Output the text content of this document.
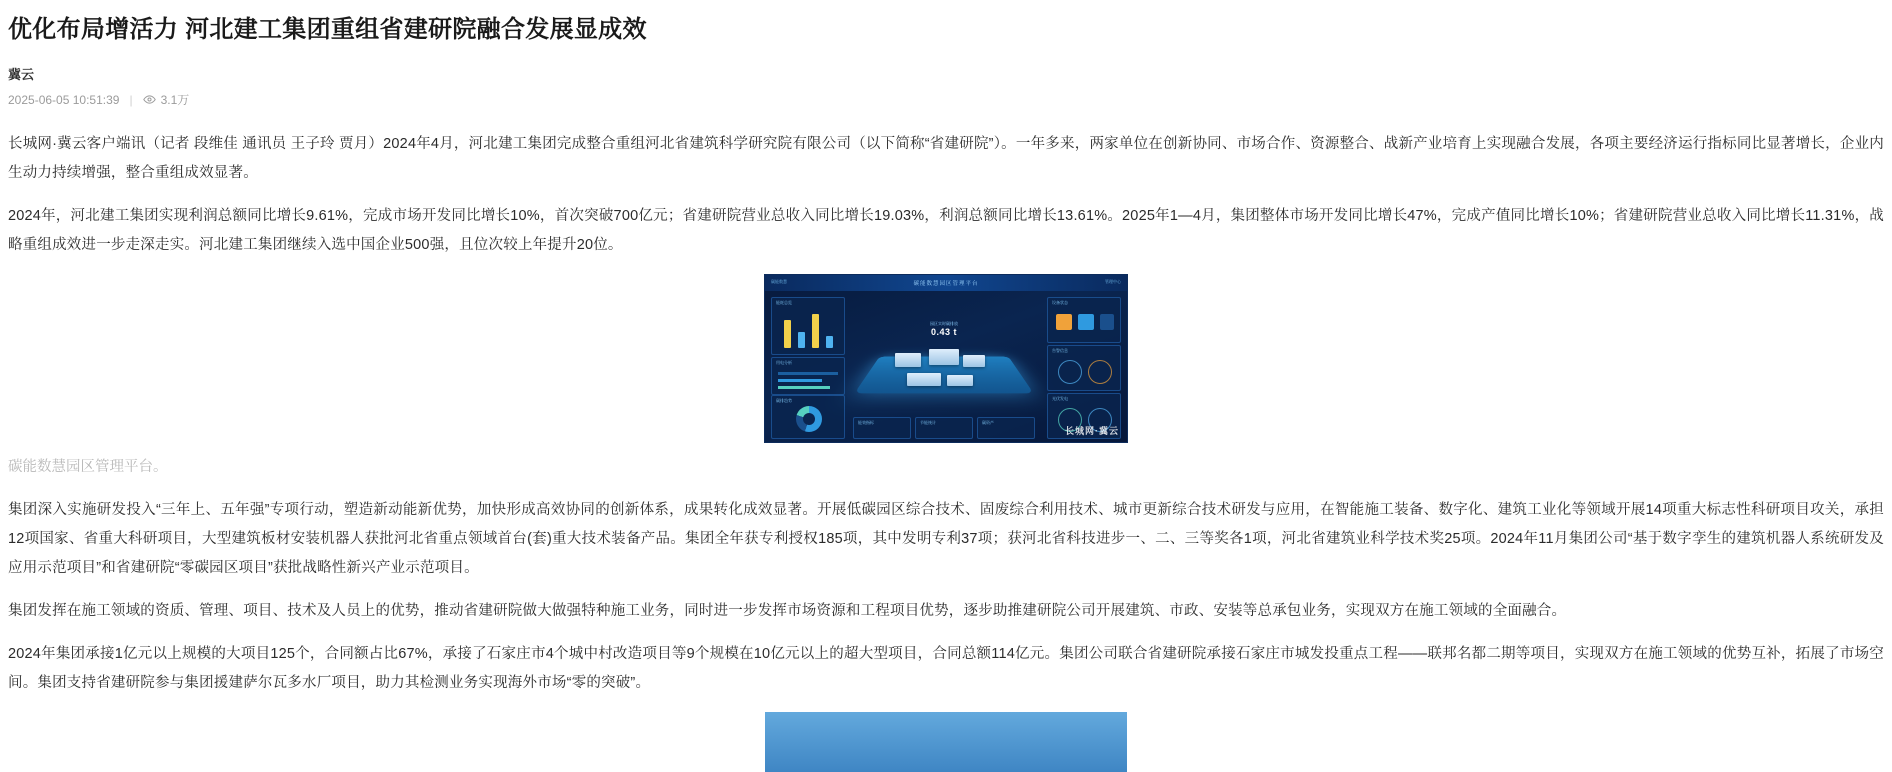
优化布局增活力 河北建工集团重组省建研院融合发展显成效
冀云
2025-06-05 10:51:39 | 3.1万

长城网·冀云客户端讯（记者 段维佳 通讯员 王子玲 贾月）2024年4月，河北建工集团完成整合重组河北省建筑科学研究院有限公司（以下简称“省建研院”）。一年多来，两家单位在创新协同、市场合作、资源整合、战新产业培育上实现融合发展，各项主要经济运行指标同比显著增长，企业内生动力持续增强，整合重组成效显著。

2024年，河北建工集团实现利润总额同比增长9.61%，完成市场开发同比增长10%，首次突破700亿元；省建研院营业总收入同比增长19.03%，利润总额同比增长13.61%。2025年1—4月，集团整体市场开发同比增长47%，完成产值同比增长10%；省建研院营业总收入同比增长11.31%，战略重组成效进一步走深走实。河北建工集团继续入选中国企业500强，且位次较上年提升20位。

碳能数慧园区管理平台
碳能数慧	管理中心
能耗总览
用电分析
碳排趋势
园区实时碳排放
0.43 t
设备状态
告警信息
光伏发电
能效指标	节能统计	碳资产
长城网·冀云

碳能数慧园区管理平台。

集团深入实施研发投入“三年上、五年强”专项行动，塑造新动能新优势，加快形成高效协同的创新体系，成果转化成效显著。开展低碳园区综合技术、固废综合利用技术、城市更新综合技术研发与应用，在智能施工装备、数字化、建筑工业化等领域开展14项重大标志性科研项目攻关，承担12项国家、省重大科研项目，大型建筑板材安装机器人获批河北省重点领域首台(套)重大技术装备产品。集团全年获专利授权185项，其中发明专利37项；获河北省科技进步一、二、三等奖各1项，河北省建筑业科学技术奖25项。2024年11月集团公司“基于数字孪生的建筑机器人系统研发及应用示范项目”和省建研院“零碳园区项目”获批战略性新兴产业示范项目。

集团发挥在施工领域的资质、管理、项目、技术及人员上的优势，推动省建研院做大做强特种施工业务，同时进一步发挥市场资源和工程项目优势，逐步助推建研院公司开展建筑、市政、安装等总承包业务，实现双方在施工领域的全面融合。

2024年集团承接1亿元以上规模的大项目125个，合同额占比67%，承接了石家庄市4个城中村改造项目等9个规模在10亿元以上的超大型项目，合同总额114亿元。集团公司联合省建研院承接石家庄市城发投重点工程——联邦名都二期等项目，实现双方在施工领域的优势互补，拓展了市场空间。集团支持省建研院参与集团援建萨尔瓦多水厂项目，助力其检测业务实现海外市场“零的突破”。
